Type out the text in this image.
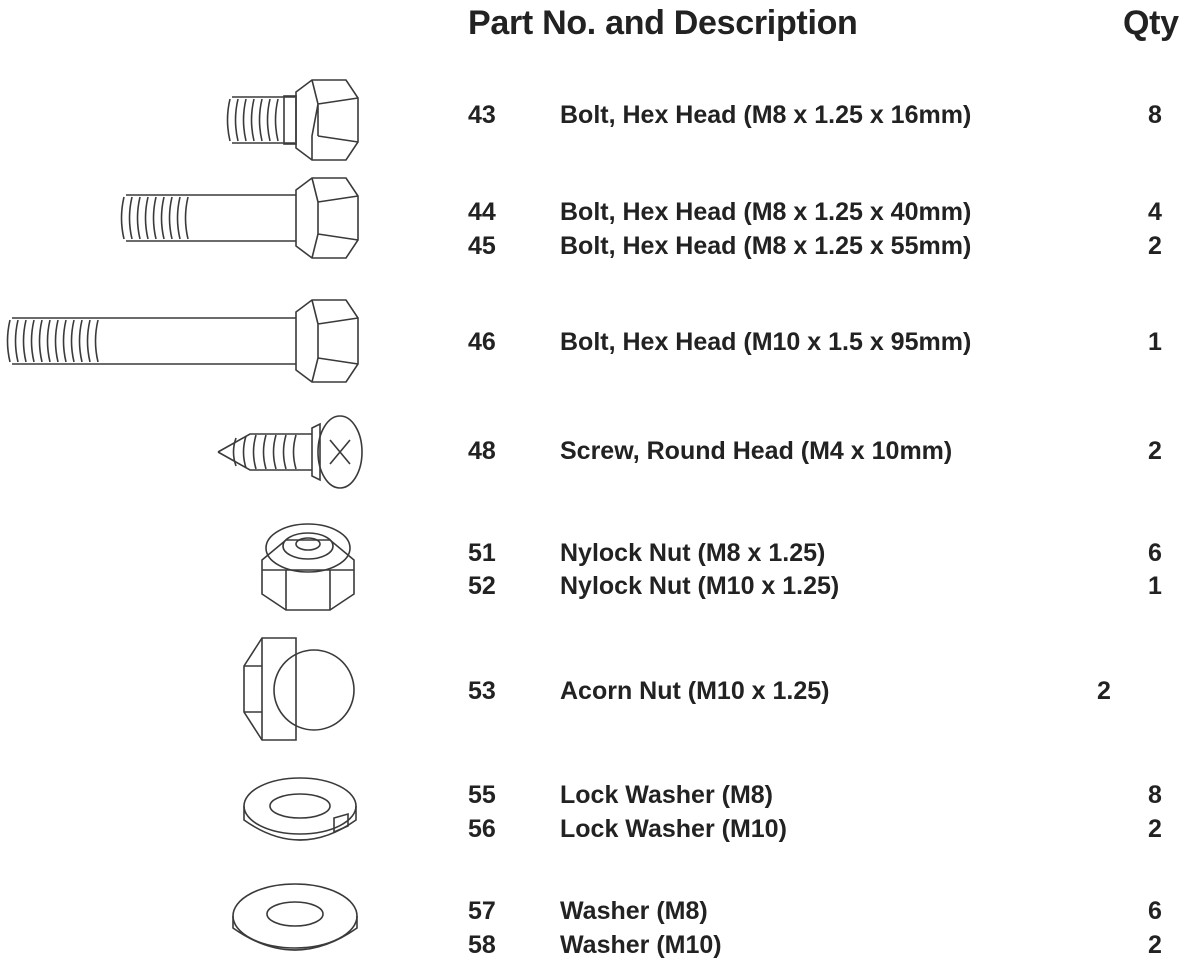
Part No. and Description	Qty
43	Bolt, Hex Head (M8 x 1.25 x 16mm)	8
44	Bolt, Hex Head (M8 x 1.25 x 40mm)	4
45	Bolt, Hex Head (M8 x 1.25 x 55mm)	2
46	Bolt, Hex Head (M10 x 1.5 x 95mm)	1
48	Screw, Round Head (M4 x 10mm)	2
51	Nylock Nut (M8 x 1.25)	6
52	Nylock Nut (M10 x 1.25)	1
53	Acorn Nut (M10 x 1.25)	2
55	Lock Washer (M8)	8
56	Lock Washer (M10)	2
57	Washer (M8)	6
58	Washer (M10)	2
